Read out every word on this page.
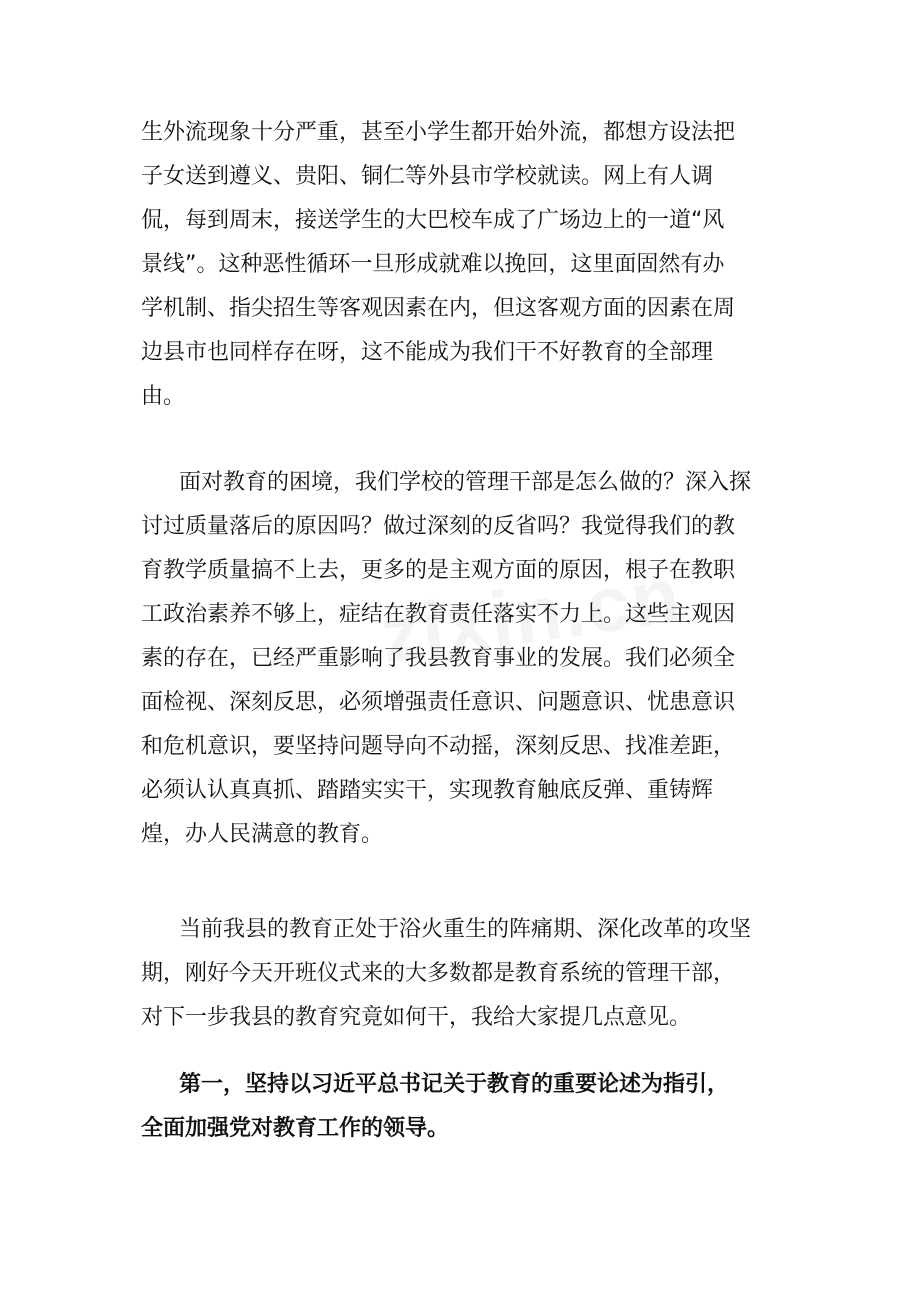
生外流现象十分严重，甚至小学生都开始外流，都想方设法把
子女送到遵义、贵阳、铜仁等外县市学校就读。网上有人调
侃，每到周末，接送学生的大巴校车成了广场边上的一道“风
景线”。这种恶性循环一旦形成就难以挽回，这里面固然有办
学机制、指尖招生等客观因素在内，但这客观方面的因素在周
边县市也同样存在呀，这不能成为我们干不好教育的全部理
由。
面对教育的困境，我们学校的管理干部是怎么做的？深入探
讨过质量落后的原因吗？做过深刻的反省吗？我觉得我们的教
育教学质量搞不上去，更多的是主观方面的原因，根子在教职
工政治素养不够上，症结在教育责任落实不力上。这些主观因
素的存在，已经严重影响了我县教育事业的发展。我们必须全
面检视、深刻反思，必须增强责任意识、问题意识、忧患意识
和危机意识，要坚持问题导向不动摇，深刻反思、找准差距，
必须认认真真抓、踏踏实实干，实现教育触底反弹、重铸辉
煌，办人民满意的教育。
当前我县的教育正处于浴火重生的阵痛期、深化改革的攻坚
期，刚好今天开班仪式来的大多数都是教育系统的管理干部，
对下一步我县的教育究竟如何干，我给大家提几点意见。
第一，坚持以习近平总书记关于教育的重要论述为指引，
全面加强党对教育工作的领导。
